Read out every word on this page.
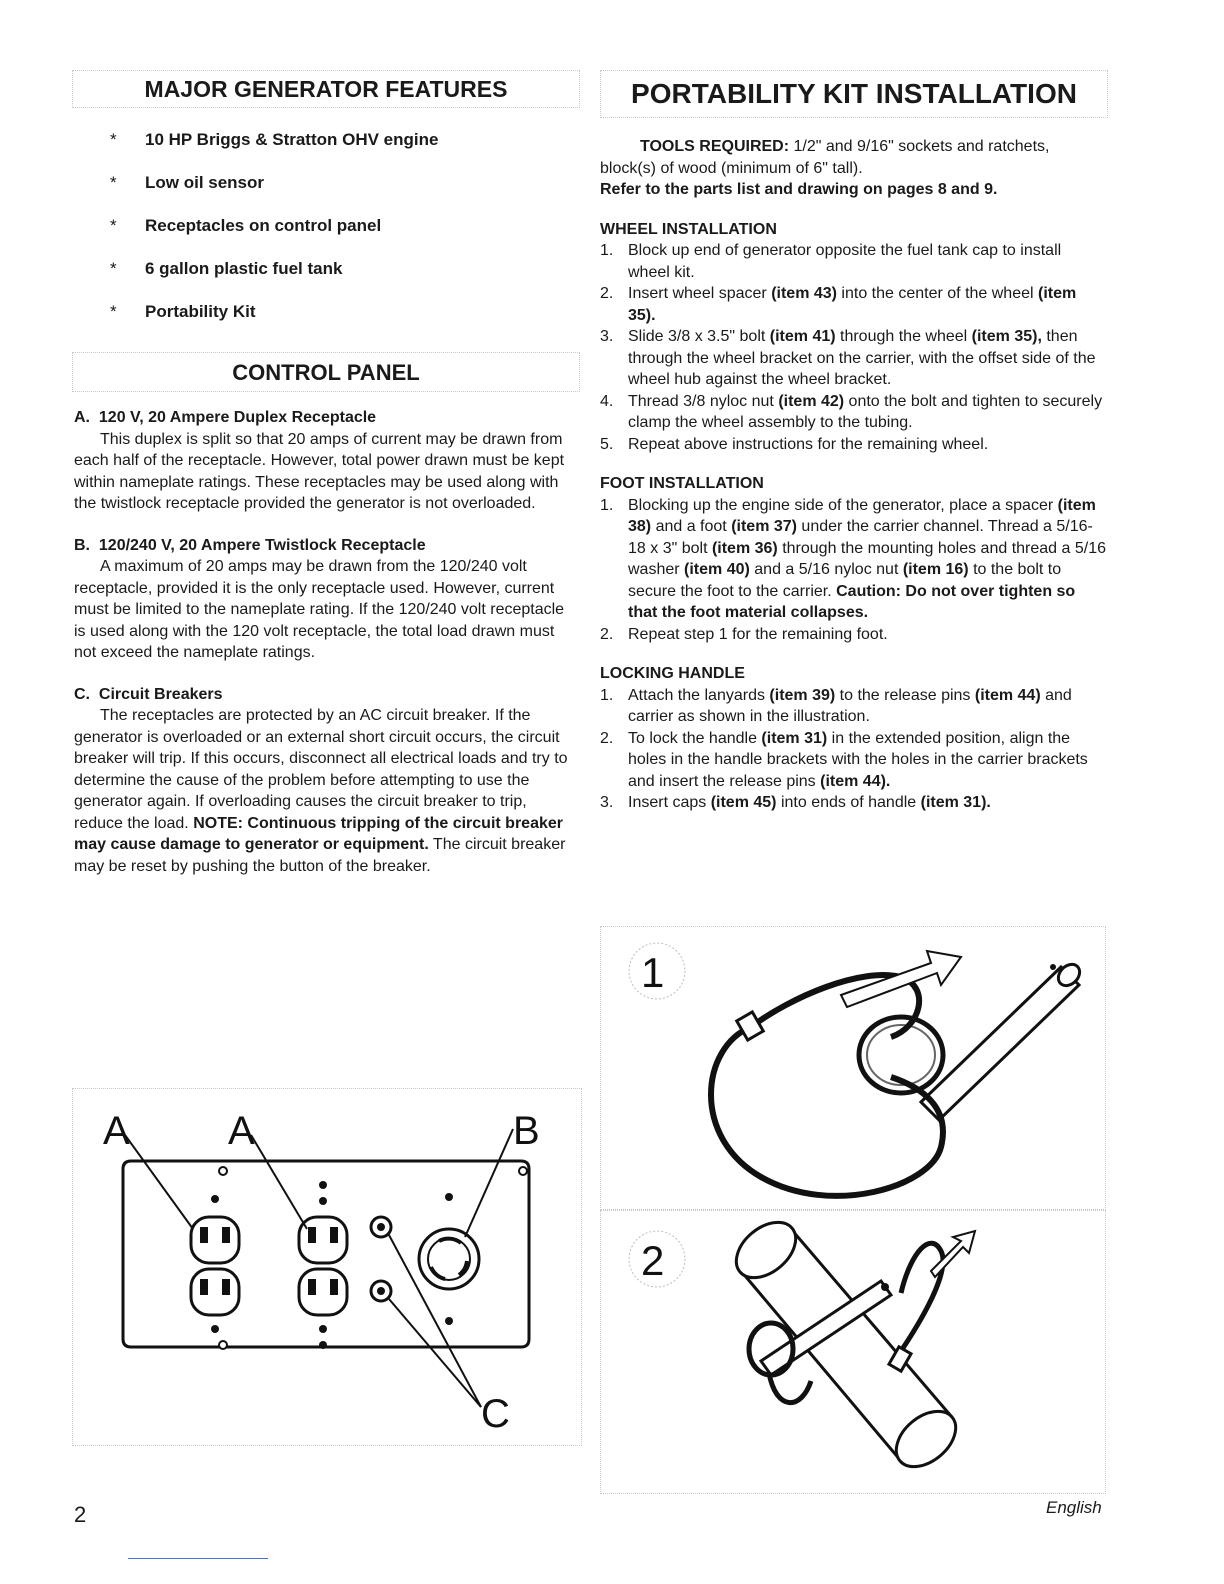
MAJOR GENERATOR FEATURES
* 10 HP Briggs & Stratton OHV engine
* Low oil sensor
* Receptacles on control panel
* 6 gallon plastic fuel tank
* Portability Kit
CONTROL PANEL

A.  120 V, 20 Ampere Duplex Receptacle

This duplex is split so that 20 amps of current may be drawn from each half of the receptacle. However, total power drawn must be kept within nameplate ratings. These receptacles may be used along with the twistlock receptacle provided the generator is not overloaded.

B.  120/240 V, 20 Ampere Twistlock Receptacle

A maximum of 20 amps may be drawn from the 120/240 volt receptacle, provided it is the only receptacle used. However, current must be limited to the nameplate rating. If the 120/240 volt receptacle is used along with the 120 volt receptacle, the total load drawn must not exceed the nameplate ratings.

C.  Circuit Breakers

The receptacles are protected by an AC circuit breaker. If the generator is overloaded or an external short circuit occurs, the circuit breaker will trip. If this occurs, disconnect all electrical loads and try to determine the cause of the problem before attempting to use the generator again. If overloading causes the circuit breaker to trip, reduce the load. NOTE: Continuous tripping of the circuit breaker may cause damage to generator or equipment. The circuit breaker may be reset by pushing the button of the breaker.

A A	B
C
PORTABILITY KIT INSTALLATION

TOOLS REQUIRED: 1/2" and 9/16" sockets and ratchets, block(s) of wood (minimum of 6" tall).

Refer to the parts list and drawing on pages 8 and 9.

WHEEL INSTALLATION
1. Block up end of generator opposite the fuel tank cap to install wheel kit.
2. Insert wheel spacer (item 43) into the center of the wheel (item 35).
3. Slide 3/8 x 3.5" bolt (item 41) through the wheel (item 35), then through the wheel bracket on the carrier, with the offset side of the wheel hub against the wheel bracket.
4. Thread 3/8 nyloc nut (item 42) onto the bolt and tighten to securely clamp the wheel assembly to the tubing.
5. Repeat above instructions for the remaining wheel.
FOOT INSTALLATION
1. Blocking up the engine side of the generator, place a spacer (item 38) and a foot (item 37) under the carrier channel. Thread a 5/16-18 x 3" bolt (item 36) through the mounting holes and thread a 5/16 washer (item 40) and a 5/16 nyloc nut (item 16) to the bolt to secure the foot to the carrier. Caution: Do not over tighten so that the foot material collapses.
2. Repeat step 1 for the remaining foot.
LOCKING HANDLE
1. Attach the lanyards (item 39) to the release pins (item 44) and carrier as shown in the illustration.
2. To lock the handle (item 31) in the extended position, align the holes in the handle brackets with the holes in the carrier brackets and insert the release pins (item 44).
3. Insert caps (item 45) into ends of handle (item 31).
1
2
2	English
